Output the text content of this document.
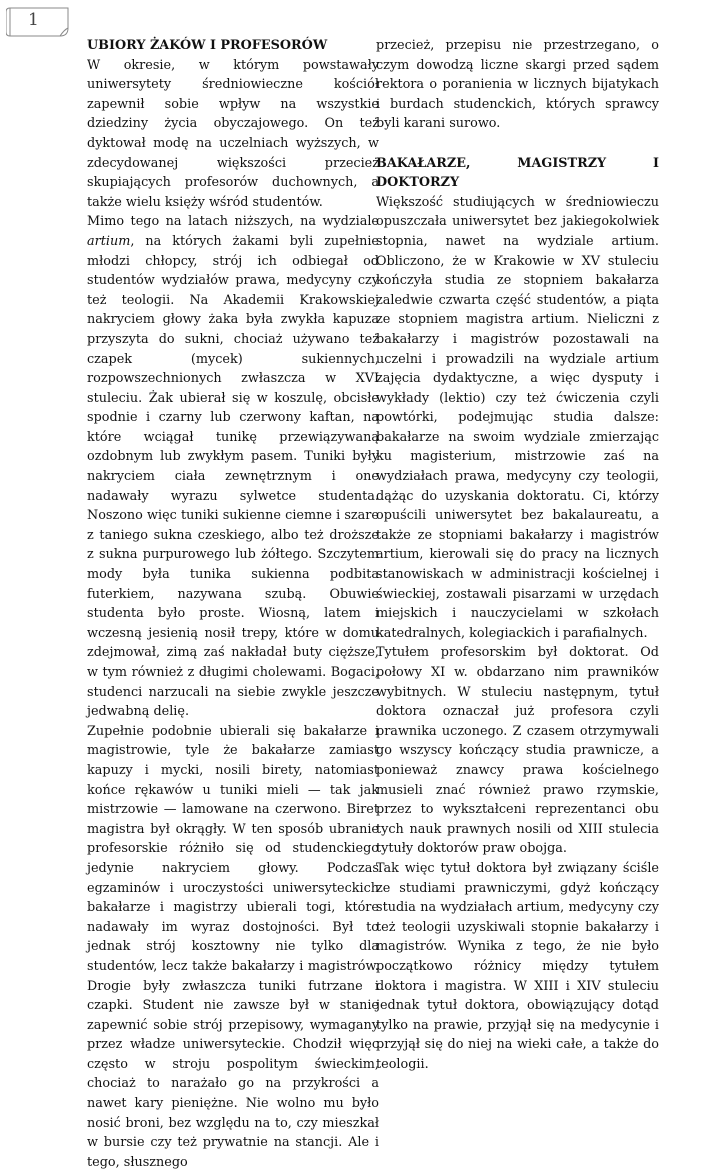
1
UBIORY ŻAKÓW I PROFESORÓW

W okresie, w którym powstawały uniwersytety średniowieczne kościół zapewnił sobie wpływ na wszystkie dziedziny życia obyczajowego. On też dyktował modę na uczelniach wyższych, w zdecydowanej większości przecież skupiających profesorów duchownych, a także wielu księży wśród studentów.

Mimo tego na latach niższych, na wydziale artium, na których żakami byli zupełnie młodzi chłopcy, strój ich odbiegał od studentów wydziałów prawa, medycyny czy też teologii. Na Akademii Krakowskiej nakryciem głowy żaka była zwykła kapuza przyszyta do sukni, chociaż używano też czapek (mycek) sukiennych, rozpowszechnionych zwłaszcza w XVI stuleciu. Żak ubierał się w koszulę, obcisłe spodnie i czarny lub czerwony kaftan, na które wciągał tunikę przewiązywaną ozdobnym lub zwykłym pasem. Tuniki były nakryciem ciała zewnętrznym i one nadawały wyrazu sylwetce studenta. Noszono więc tuniki sukienne ciemne i szare z taniego sukna czeskiego, albo też droższe z sukna purpurowego lub żółtego. Szczytem mody była tunika sukienna podbita futerkiem, nazywana szubą. Obuwie studenta było proste. Wiosną, latem i wczesną jesienią nosił trepy, które w domu zdejmował, zimą zaś nakładał buty cięższe, w tym również z długimi cholewami. Bogaci, studenci narzucali na siebie zwykle jeszcze jedwabną delię.

Zupełnie podobnie ubierali się bakałarze i magistrowie, tyle że bakałarze zamiast kapuzy i mycki, nosili birety, natomiast końce rękawów u tuniki mieli — tak jak mistrzowie — lamowane na czerwono. Biret magistra był okrągły. W ten sposób ubranie profesorskie różniło się od studenckiego jedynie nakryciem głowy. Podczas egzaminów i uroczystości uniwersyteckich bakałarze i magistrzy ubierali togi, które nadawały im wyraz dostojności. Był to jednak strój kosztowny nie tylko dla studentów, lecz także bakałarzy i magistrów. Drogie były zwłaszcza tuniki futrzane i czapki. Student nie zawsze był w stanie zapewnić sobie strój przepisowy, wymagany przez władze uniwersyteckie. Chodził więc często w stroju pospolitym świeckim, chociaż to narażało go na przykrości a nawet kary pieniężne. Nie wolno mu było nosić broni, bez względu na to, czy mieszkał w bursie czy też prywatnie na stancji. Ale i tego, słusznego

przecież, przepisu nie przestrzegano, o czym dowodzą liczne skargi przed sądem rektora o poranienia w licznych bijatykach i burdach studenckich, których sprawcy byli karani surowo.

BAKAŁARZE, MAGISTRZY I DOKTORZY

Większość studiujących w średniowieczu opuszczała uniwersytet bez jakiegokolwiek stopnia, nawet na wydziale artium. Obliczono, że w Krakowie w XV stuleciu kończyła studia ze stopniem bakałarza zaledwie czwarta część studentów, a piąta ze stopniem magistra artium. Nieliczni z bakałarzy i magistrów pozostawali na uczelni i prowadzili na wydziale artium zajęcia dydaktyczne, a więc dysputy i wykłady (lektio) czy też ćwiczenia czyli powtórki, podejmując studia dalsze: bakałarze na swoim wydziale zmierzając ku magisterium, mistrzowie zaś na wydziałach prawa, medycyny czy teologii, dążąc do uzyskania doktoratu. Ci, którzy opuścili uniwersytet bez bakalaureatu, a także ze stopniami bakałarzy i magistrów artium, kierowali się do pracy na licznych stanowiskach w administracji kościelnej i świeckiej, zostawali pisarzami w urzędach miejskich i nauczycielami w szkołach katedralnych, kolegiackich i parafialnych.

Tytułem profesorskim był doktorat. Od połowy XI w. obdarzano nim prawników wybitnych. W stuleciu następnym, tytuł doktora oznaczał już profesora czyli prawnika uczonego. Z czasem otrzymywali go wszyscy kończący studia prawnicze, a ponieważ znawcy prawa kościelnego musieli znać również prawo rzymskie, przez to wykształceni reprezentanci obu tych nauk prawnych nosili od XIII stulecia tytuły doktorów praw obojga.

Tak więc tytuł doktora był związany ściśle ze studiami prawniczymi, gdyż kończący studia na wydziałach artium, medycyny czy też teologii uzyskiwali stopnie bakałarzy i magistrów. Wynika z tego, że nie było początkowo różnicy między tytułem doktora i magistra. W XIII i XIV stuleciu jednak tytuł doktora, obowiązujący dotąd tylko na prawie, przyjął się na medycynie i przyjął się do niej na wieki całe, a także do teologii.
